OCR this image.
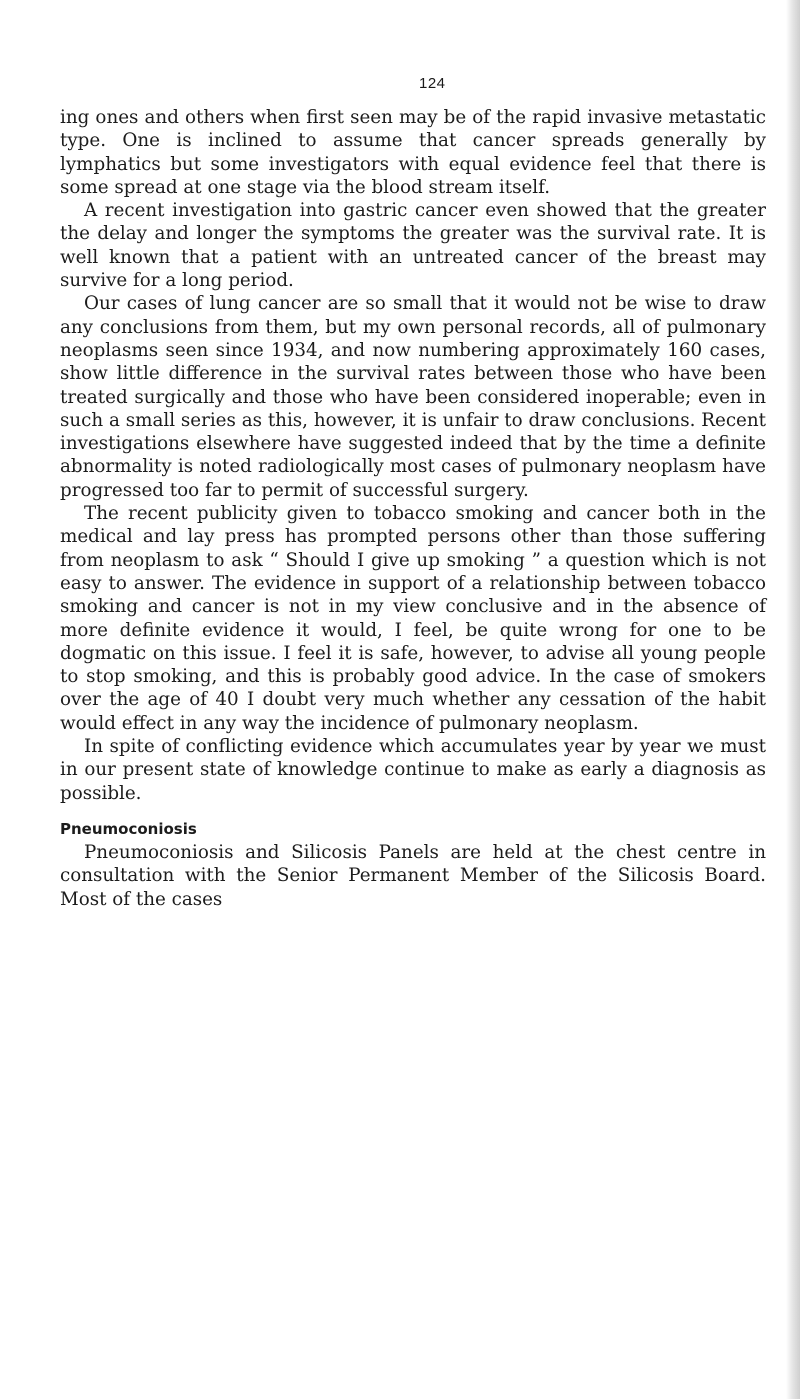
124

ing ones and others when first seen may be of the rapid invasive metastatic type. One is inclined to assume that cancer spreads generally by lymphatics but some investigators with equal evidence feel that there is some spread at one stage via the blood stream itself.

A recent investigation into gastric cancer even showed that the greater the delay and longer the symptoms the greater was the survival rate. It is well known that a patient with an untreated cancer of the breast may survive for a long period.

Our cases of lung cancer are so small that it would not be wise to draw any conclusions from them, but my own personal records, all of pulmonary neoplasms seen since 1934, and now numbering approximately 160 cases, show little difference in the survival rates between those who have been treated surgically and those who have been considered inoperable; even in such a small series as this, however, it is unfair to draw conclusions. Recent investigations elsewhere have suggested indeed that by the time a definite abnormality is noted radiologically most cases of pulmonary neoplasm have progressed too far to permit of successful surgery.

The recent publicity given to tobacco smoking and cancer both in the medical and lay press has prompted persons other than those suffering from neoplasm to ask “ Should I give up smoking ” a question which is not easy to answer. The evidence in support of a relationship between tobacco smoking and cancer is not in my view conclusive and in the absence of more definite evidence it would, I feel, be quite wrong for one to be dogmatic on this issue. I feel it is safe, however, to advise all young people to stop smoking, and this is probably good advice. In the case of smokers over the age of 40 I doubt very much whether any cessation of the habit would effect in any way the incidence of pulmonary neoplasm.

In spite of conflicting evidence which accumulates year by year we must in our present state of knowledge continue to make as early a diagnosis as possible.

Pneumoconiosis

Pneumoconiosis and Silicosis Panels are held at the chest centre in consultation with the Senior Permanent Member of the Silicosis Board. Most of the cases
